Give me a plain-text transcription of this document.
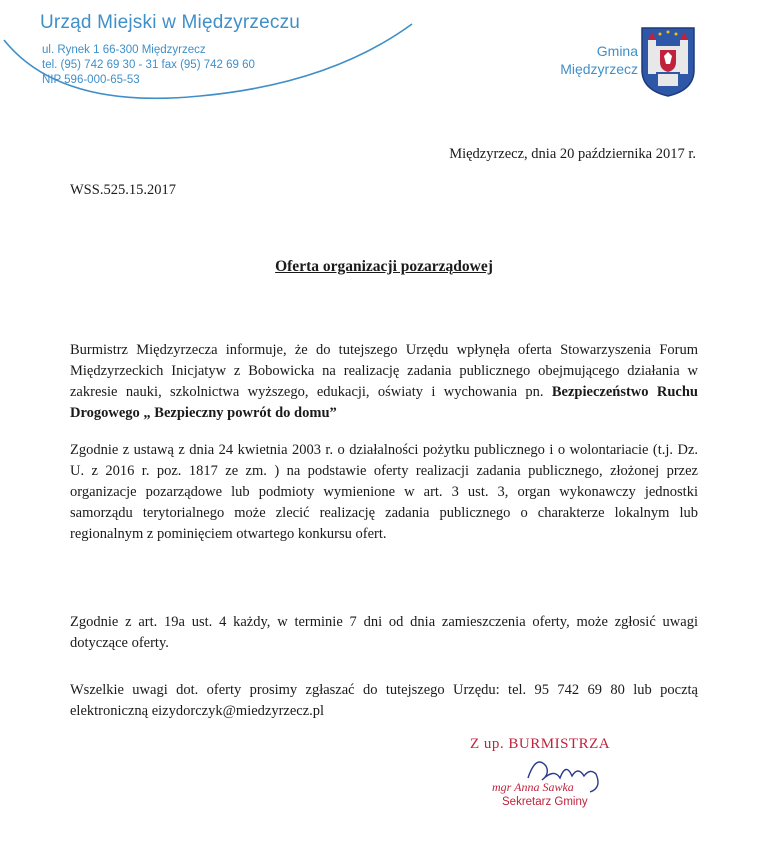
Urząd Miejski w Międzyrzeczu
ul. Rynek 1 66-300 Międzyrzecz
tel. (95) 742 69 30 - 31 fax (95) 742 69 60
NIP 596-000-65-53
Gmina
Międzyrzecz
Międzyrzecz, dnia 20 października 2017 r.
WSS.525.15.2017
Oferta organizacji pozarządowej
Burmistrz Międzyrzecza informuje, że do tutejszego Urzędu wpłynęła oferta Stowarzyszenia Forum Międzyrzeckich Inicjatyw z Bobowicka na realizację zadania publicznego obejmującego działania w zakresie nauki, szkolnictwa wyższego, edukacji, oświaty i wychowania pn. Bezpieczeństwo Ruchu Drogowego „ Bezpieczny powrót do domu”
Zgodnie z ustawą z dnia 24 kwietnia 2003 r. o działalności pożytku publicznego i o wolontariacie (t.j. Dz. U. z 2016 r. poz. 1817 ze zm. ) na podstawie oferty realizacji zadania publicznego, złożonej przez organizacje pozarządowe lub podmioty wymienione w art. 3 ust. 3, organ wykonawczy jednostki samorządu terytorialnego może zlecić realizację zadania publicznego o charakterze lokalnym lub regionalnym z pominięciem otwartego konkursu ofert.
Zgodnie z art. 19a ust. 4 każdy, w terminie 7 dni od dnia zamieszczenia oferty, może zgłosić uwagi dotyczące oferty.
Wszelkie uwagi dot. oferty prosimy zgłaszać do tutejszego Urzędu: tel. 95 742 69 80 lub pocztą elektroniczną eizydorczyk@miedzyrzecz.pl
Z up. BURMISTRZA
mgr Anna Sawka
Sekretarz Gminy
